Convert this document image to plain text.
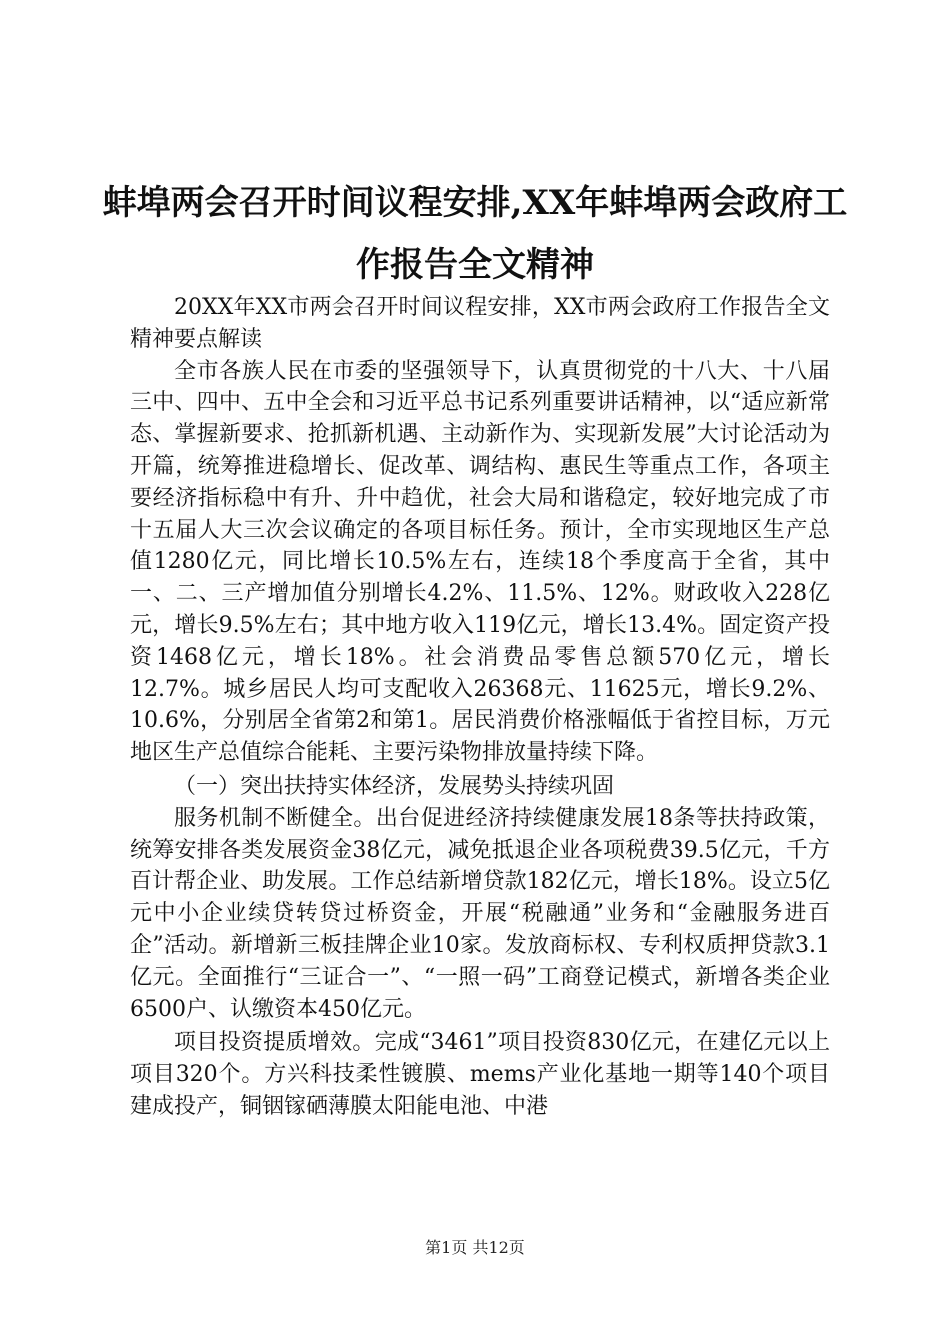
蚌埠两会召开时间议程安排,XX年蚌埠两会政府工作报告全文精神

20XX年XX市两会召开时间议程安排，XX市两会政府工作报告全文精神要点解读

全市各族人民在市委的坚强领导下，认真贯彻党的十八大、十八届三中、四中、五中全会和习近平总书记系列重要讲话精神，以“适应新常态、掌握新要求、抢抓新机遇、主动新作为、实现新发展”大讨论活动为开篇，统筹推进稳增长、促改革、调结构、惠民生等重点工作，各项主要经济指标稳中有升、升中趋优，社会大局和谐稳定，较好地完成了市十五届人大三次会议确定的各项目标任务。预计，全市实现地区生产总值1280亿元，同比增长10.5%左右，连续18个季度高于全省，其中一、二、三产增加值分别增长4.2%、11.5%、12%。财政收入228亿元，增长9.5%左右；其中地方收入119亿元，增长13.4%。固定资产投资1468亿元，增长18%。社会消费品零售总额570亿元，增长12.7%。城乡居民人均可支配收入26368元、11625元，增长9.2%、10.6%，分别居全省第2和第1。居民消费价格涨幅低于省控目标，万元地区生产总值综合能耗、主要污染物排放量持续下降。

（一）突出扶持实体经济，发展势头持续巩固

服务机制不断健全。出台促进经济持续健康发展18条等扶持政策，统筹安排各类发展资金38亿元，减免抵退企业各项税费39.5亿元，千方百计帮企业、助发展。工作总结新增贷款182亿元，增长18%。设立5亿元中小企业续贷转贷过桥资金，开展“税融通”业务和“金融服务进百企”活动。新增新三板挂牌企业10家。发放商标权、专利权质押贷款3.1亿元。全面推行“三证合一”、“一照一码”工商登记模式，新增各类企业6500户、认缴资本450亿元。

项目投资提质增效。完成“3461”项目投资830亿元，在建亿元以上项目320个。方兴科技柔性镀膜、mems产业化基地一期等140个项目建成投产，铜铟镓硒薄膜太阳能电池、中港

第1页 共12页
